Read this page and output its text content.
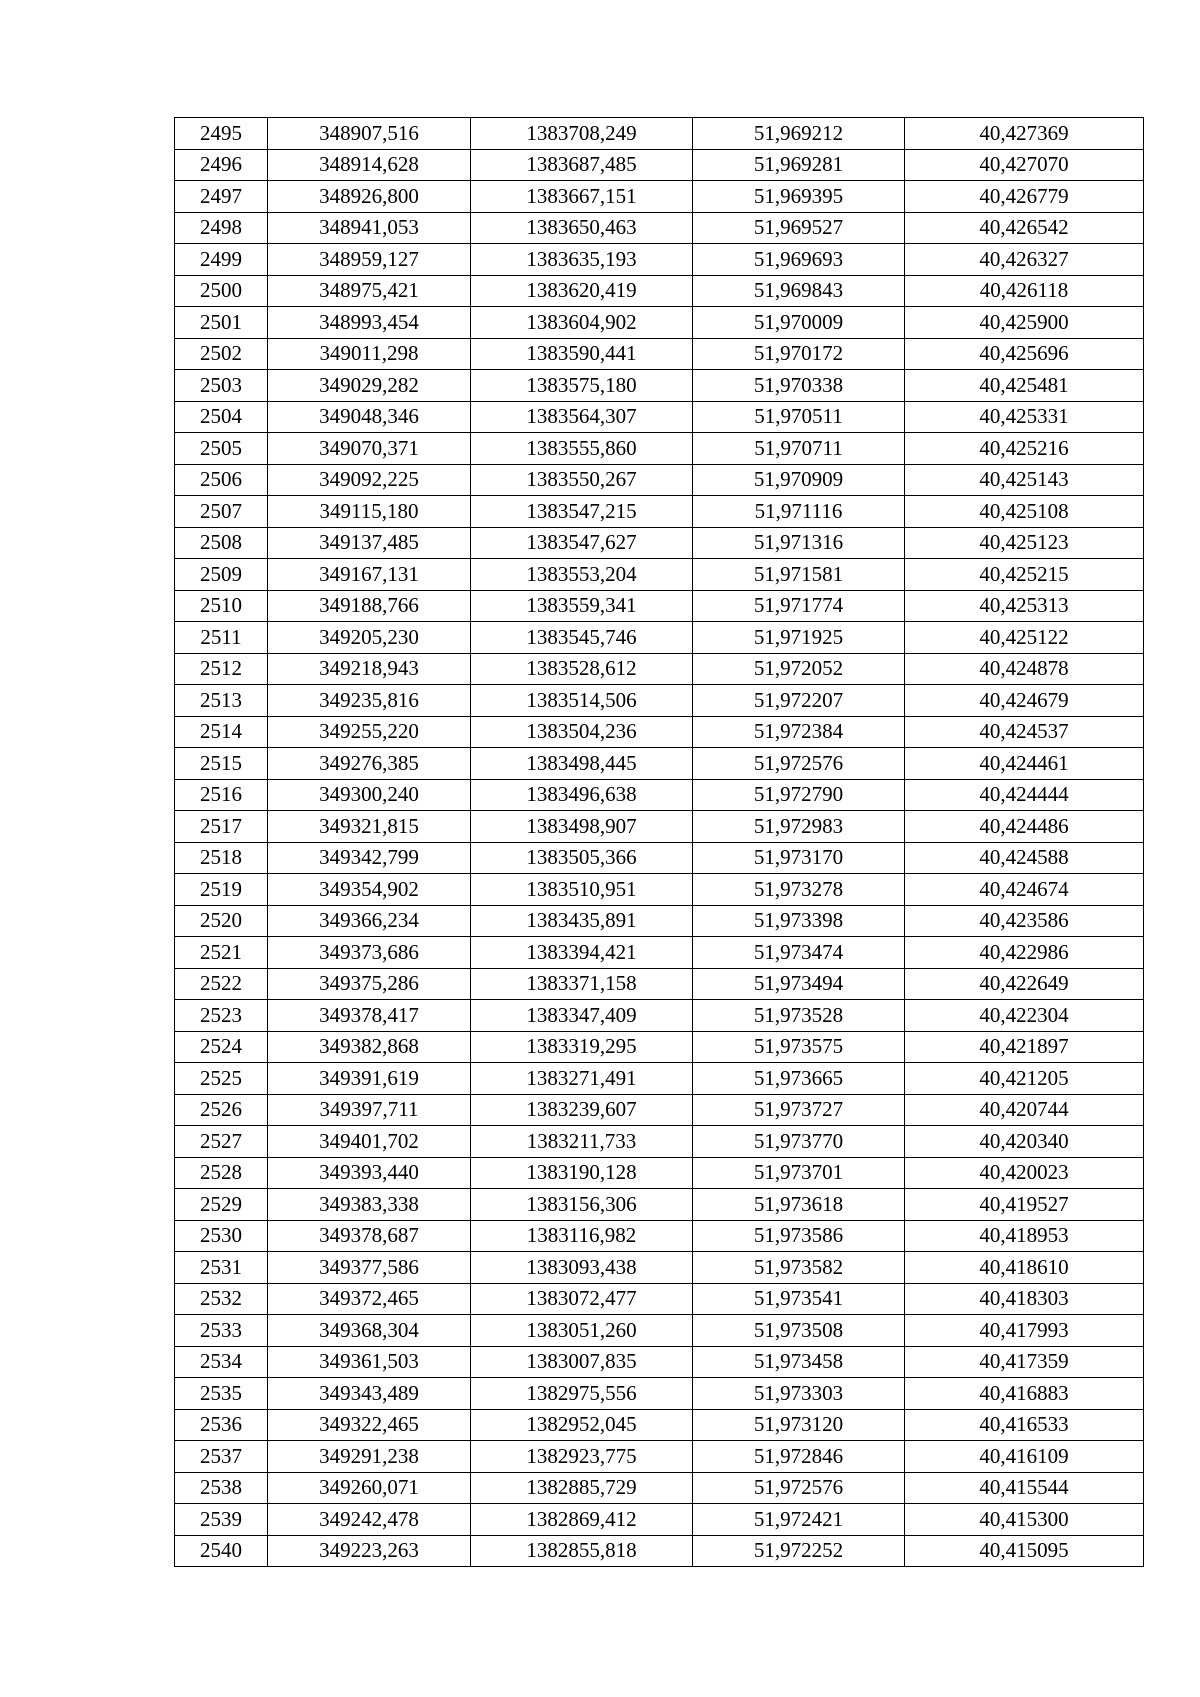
2495	348907,516	1383708,249	51,969212	40,427369
2496	348914,628	1383687,485	51,969281	40,427070
2497	348926,800	1383667,151	51,969395	40,426779
2498	348941,053	1383650,463	51,969527	40,426542
2499	348959,127	1383635,193	51,969693	40,426327
2500	348975,421	1383620,419	51,969843	40,426118
2501	348993,454	1383604,902	51,970009	40,425900
2502	349011,298	1383590,441	51,970172	40,425696
2503	349029,282	1383575,180	51,970338	40,425481
2504	349048,346	1383564,307	51,970511	40,425331
2505	349070,371	1383555,860	51,970711	40,425216
2506	349092,225	1383550,267	51,970909	40,425143
2507	349115,180	1383547,215	51,971116	40,425108
2508	349137,485	1383547,627	51,971316	40,425123
2509	349167,131	1383553,204	51,971581	40,425215
2510	349188,766	1383559,341	51,971774	40,425313
2511	349205,230	1383545,746	51,971925	40,425122
2512	349218,943	1383528,612	51,972052	40,424878
2513	349235,816	1383514,506	51,972207	40,424679
2514	349255,220	1383504,236	51,972384	40,424537
2515	349276,385	1383498,445	51,972576	40,424461
2516	349300,240	1383496,638	51,972790	40,424444
2517	349321,815	1383498,907	51,972983	40,424486
2518	349342,799	1383505,366	51,973170	40,424588
2519	349354,902	1383510,951	51,973278	40,424674
2520	349366,234	1383435,891	51,973398	40,423586
2521	349373,686	1383394,421	51,973474	40,422986
2522	349375,286	1383371,158	51,973494	40,422649
2523	349378,417	1383347,409	51,973528	40,422304
2524	349382,868	1383319,295	51,973575	40,421897
2525	349391,619	1383271,491	51,973665	40,421205
2526	349397,711	1383239,607	51,973727	40,420744
2527	349401,702	1383211,733	51,973770	40,420340
2528	349393,440	1383190,128	51,973701	40,420023
2529	349383,338	1383156,306	51,973618	40,419527
2530	349378,687	1383116,982	51,973586	40,418953
2531	349377,586	1383093,438	51,973582	40,418610
2532	349372,465	1383072,477	51,973541	40,418303
2533	349368,304	1383051,260	51,973508	40,417993
2534	349361,503	1383007,835	51,973458	40,417359
2535	349343,489	1382975,556	51,973303	40,416883
2536	349322,465	1382952,045	51,973120	40,416533
2537	349291,238	1382923,775	51,972846	40,416109
2538	349260,071	1382885,729	51,972576	40,415544
2539	349242,478	1382869,412	51,972421	40,415300
2540	349223,263	1382855,818	51,972252	40,415095
